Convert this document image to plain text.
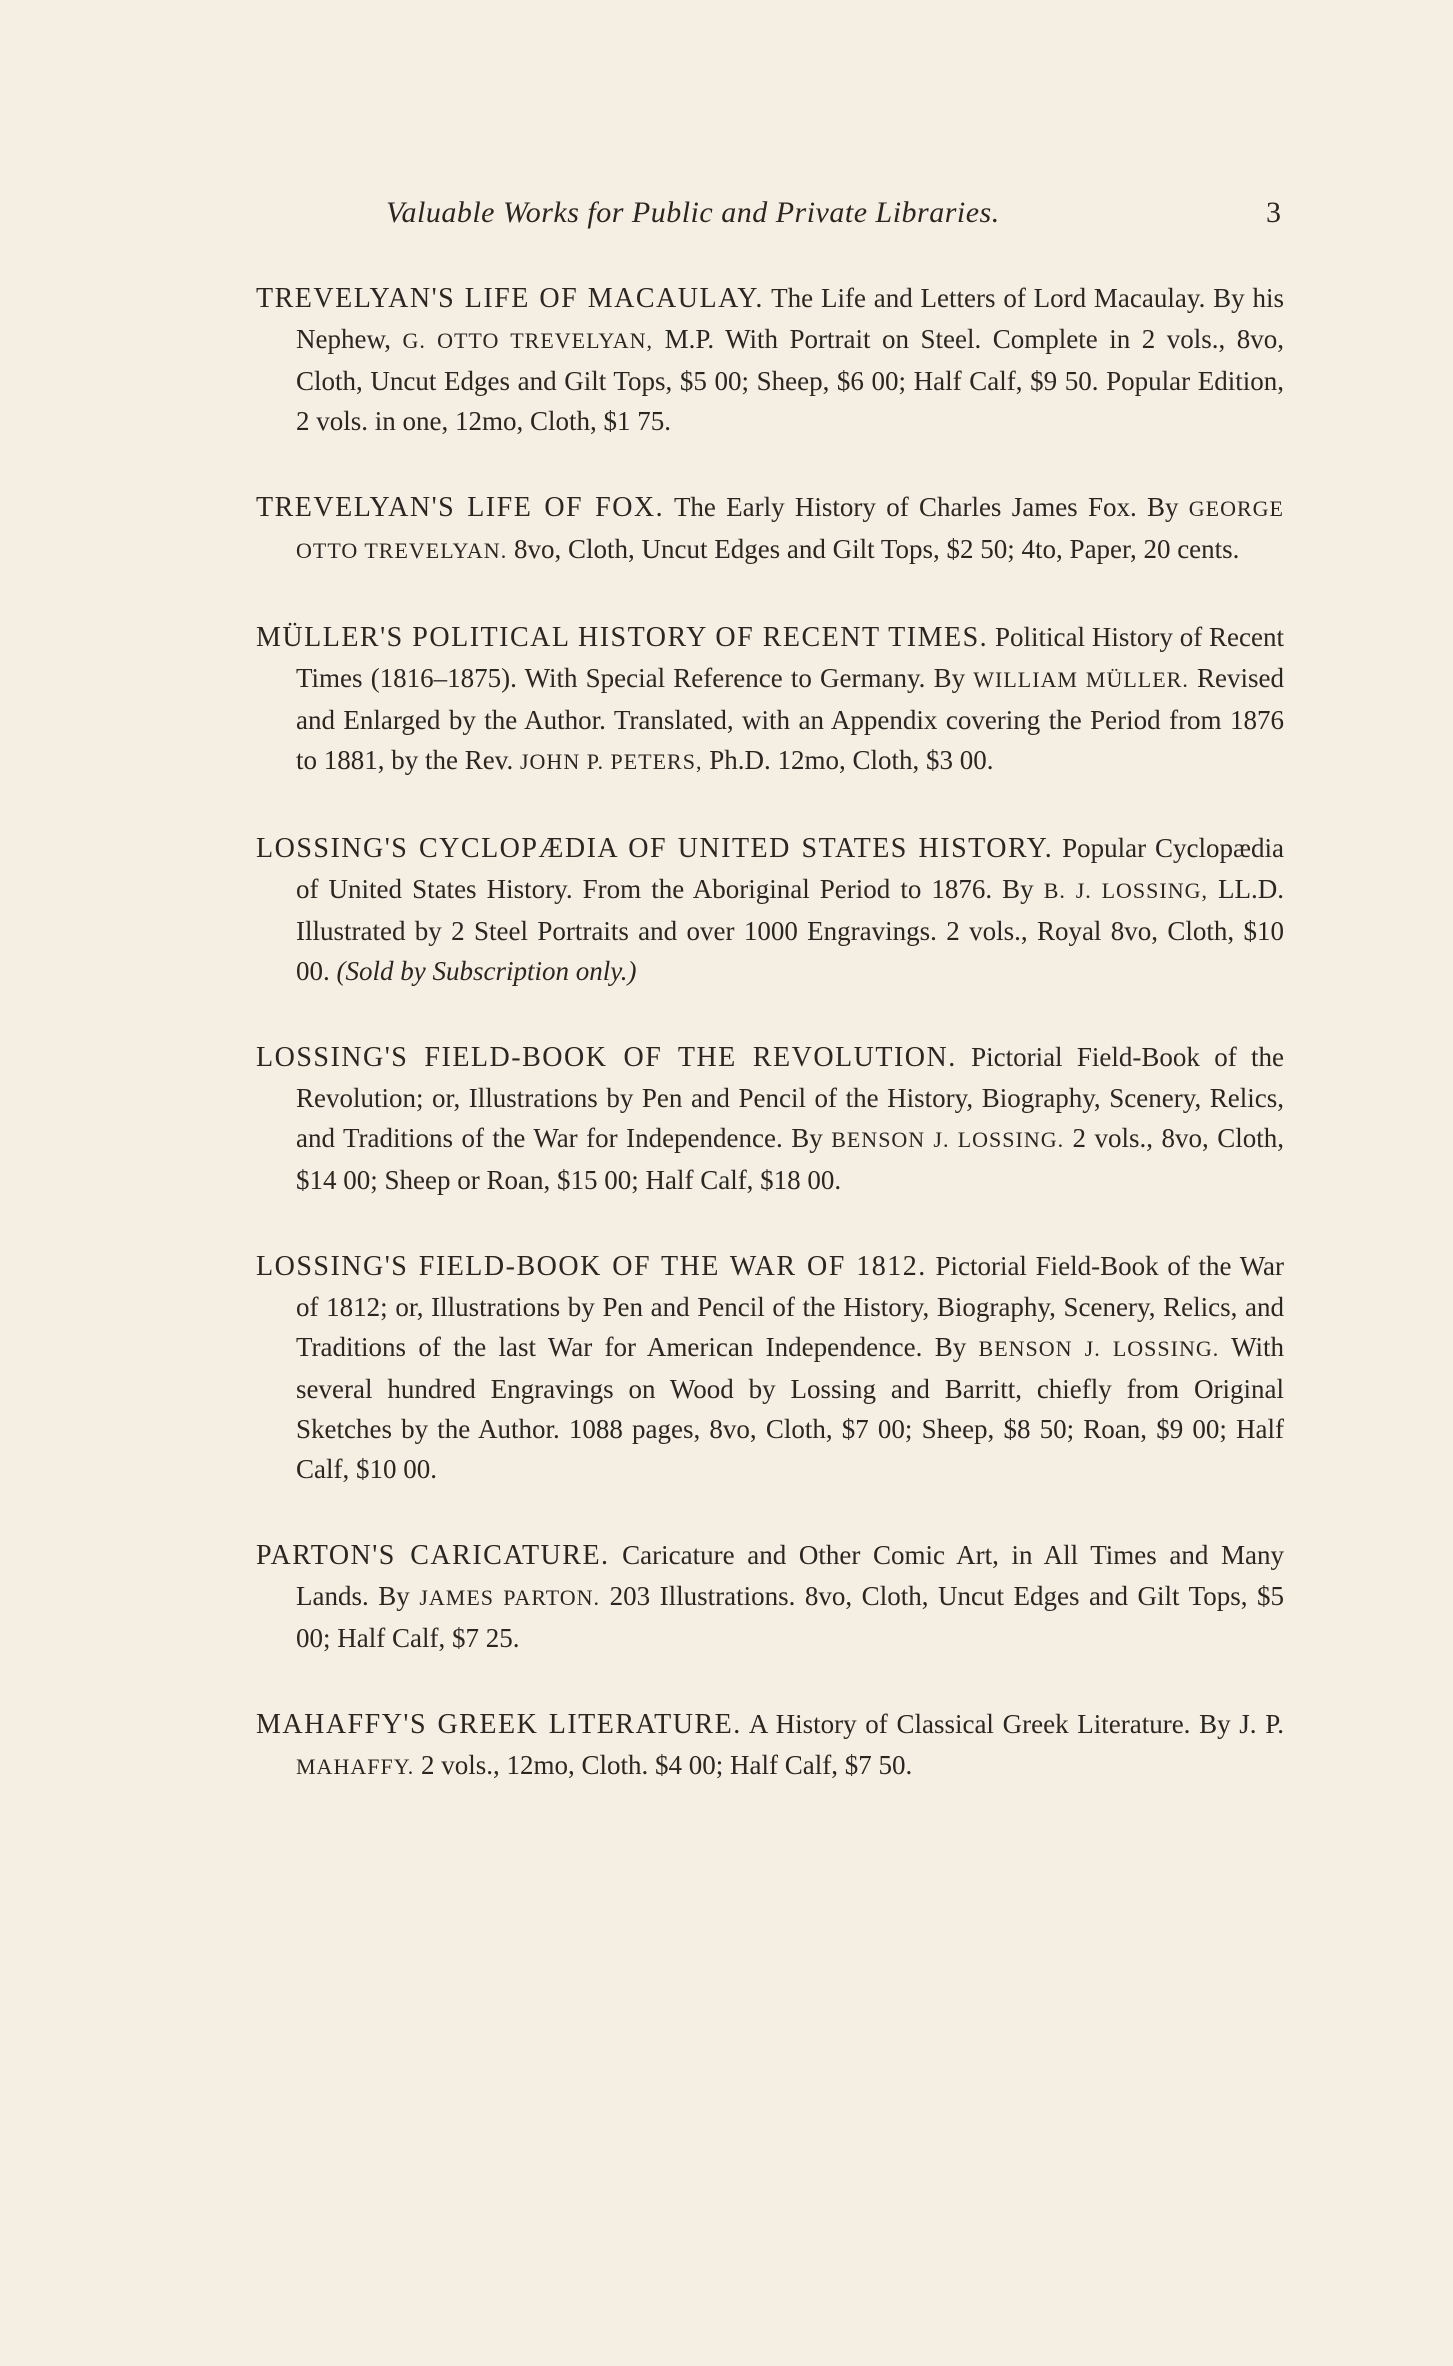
Valuable Works for Public and Private Libraries.	3
TREVELYAN'S LIFE OF MACAULAY. The Life and Letters of Lord Macaulay. By his Nephew, G. OTTO TREVELYAN, M.P. With Portrait on Steel. Complete in 2 vols., 8vo, Cloth, Uncut Edges and Gilt Tops, $5 00; Sheep, $6 00; Half Calf, $9 50. Popular Edition, 2 vols. in one, 12mo, Cloth, $1 75.
TREVELYAN'S LIFE OF FOX. The Early History of Charles James Fox. By GEORGE OTTO TREVELYAN. 8vo, Cloth, Uncut Edges and Gilt Tops, $2 50; 4to, Paper, 20 cents.
MÜLLER'S POLITICAL HISTORY OF RECENT TIMES. Political History of Recent Times (1816–1875). With Special Reference to Germany. By WILLIAM MÜLLER. Revised and Enlarged by the Author. Translated, with an Appendix covering the Period from 1876 to 1881, by the Rev. JOHN P. PETERS, Ph.D. 12mo, Cloth, $3 00.
LOSSING'S CYCLOPÆDIA OF UNITED STATES HISTORY. Popular Cyclopædia of United States History. From the Aboriginal Period to 1876. By B. J. LOSSING, LL.D. Illustrated by 2 Steel Portraits and over 1000 Engravings. 2 vols., Royal 8vo, Cloth, $10 00. (Sold by Subscription only.)
LOSSING'S FIELD-BOOK OF THE REVOLUTION. Pictorial Field-Book of the Revolution; or, Illustrations by Pen and Pencil of the History, Biography, Scenery, Relics, and Traditions of the War for Independence. By BENSON J. LOSSING. 2 vols., 8vo, Cloth, $14 00; Sheep or Roan, $15 00; Half Calf, $18 00.
LOSSING'S FIELD-BOOK OF THE WAR OF 1812. Pictorial Field-Book of the War of 1812; or, Illustrations by Pen and Pencil of the History, Biography, Scenery, Relics, and Traditions of the last War for American Independence. By BENSON J. LOSSING. With several hundred Engravings on Wood by Lossing and Barritt, chiefly from Original Sketches by the Author. 1088 pages, 8vo, Cloth, $7 00; Sheep, $8 50; Roan, $9 00; Half Calf, $10 00.
PARTON'S CARICATURE. Caricature and Other Comic Art, in All Times and Many Lands. By JAMES PARTON. 203 Illustrations. 8vo, Cloth, Uncut Edges and Gilt Tops, $5 00; Half Calf, $7 25.
MAHAFFY'S GREEK LITERATURE. A History of Classical Greek Literature. By J. P. MAHAFFY. 2 vols., 12mo, Cloth. $4 00; Half Calf, $7 50.
